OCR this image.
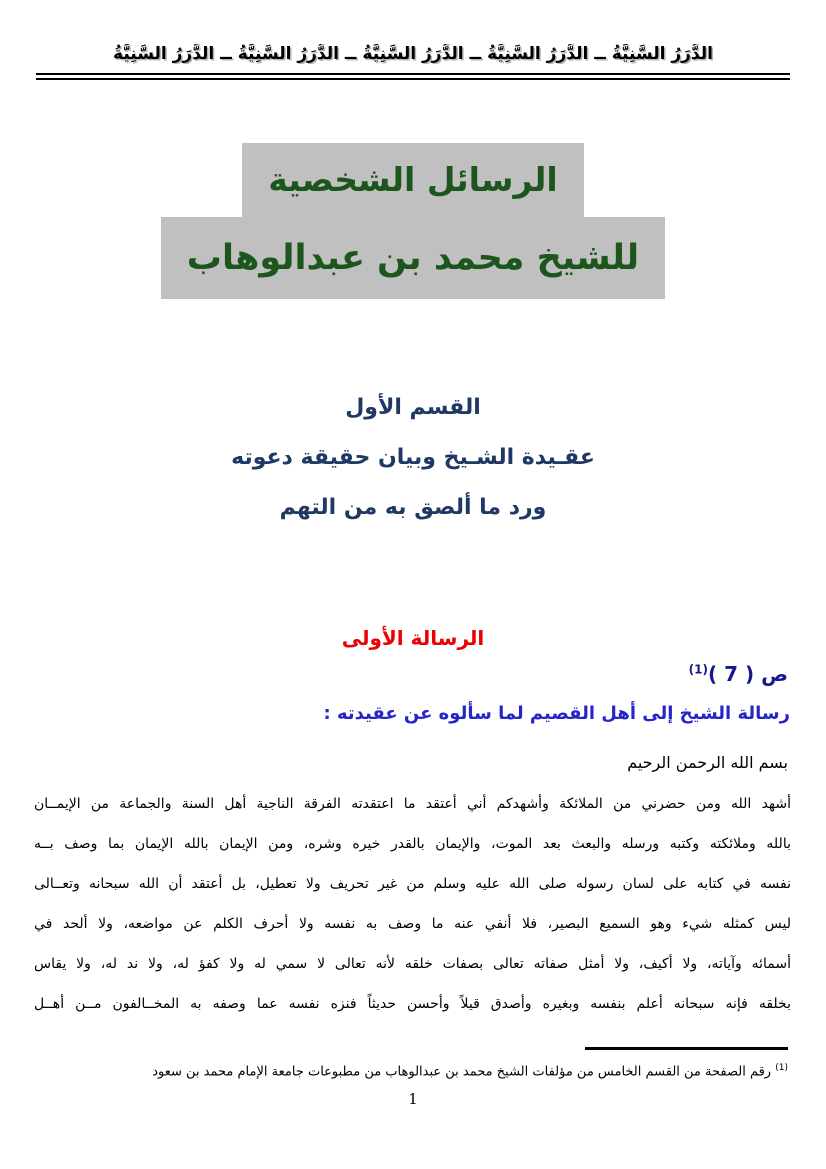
الدُّرَرُ السَّنِيَّةُ ــ الدُّرَرُ السَّنِيَّةُ ــ الدُّرَرُ السَّنِيَّةُ ــ الدُّرَرُ السَّنِيَّةُ ــ الدُّرَرُ السَّنِيَّةُ
الرسائل الشخصية
للشيخ محمد بن عبدالوهاب
القسم الأول
عقـيدة الشـيخ وبيان حقيقة دعوته
ورد ما ألصق به من التهم
الرسالة الأولى
ص ( 7 )$^{(1)}$
رسالة الشيخ إلى أهل القصيم لما سألوه عن عقيدته :
بسم الله الرحمن الرحيم
أشهد الله ومن حضرني من الملائكة وأشهدكم أني أعتقد ما اعتقدته الفرقة الناجية أهل السنة والجماعة من الإيمــان
بالله وملائكته وكتبه ورسله والبعث بعد الموت، والإيمان بالقدر خيره وشره، ومن الإيمان بالله الإيمان بما وصف بــه
نفسه في كتابه على لسان رسوله صلى الله عليه وسلم من غير تحريف ولا تعطيل، بل أعتقد أن الله سبحانه وتعــالى
ليس كمثله شيء وهو السميع البصير، فلا أنفي عنه ما وصف به نفسه ولا أحرف الكلم عن مواضعه، ولا ألحد في
أسمائه وآياته، ولا أكيف، ولا أمثل صفاته تعالى بصفات خلقه لأنه تعالى لا سمي له ولا كفؤ له، ولا ند له، ولا يقاس
بخلقه فإنه سبحانه أعلم بنفسه وبغيره وأصدق قيلاً وأحسن حديثاً فنزه نفسه عما وصفه به المخــالفون مــن أهــل
$^{(1)}$ رقم الصفحة من القسم الخامس من مؤلفات الشيخ محمد بن عبدالوهاب من مطبوعات جامعة الإمام محمد بن سعود
1
